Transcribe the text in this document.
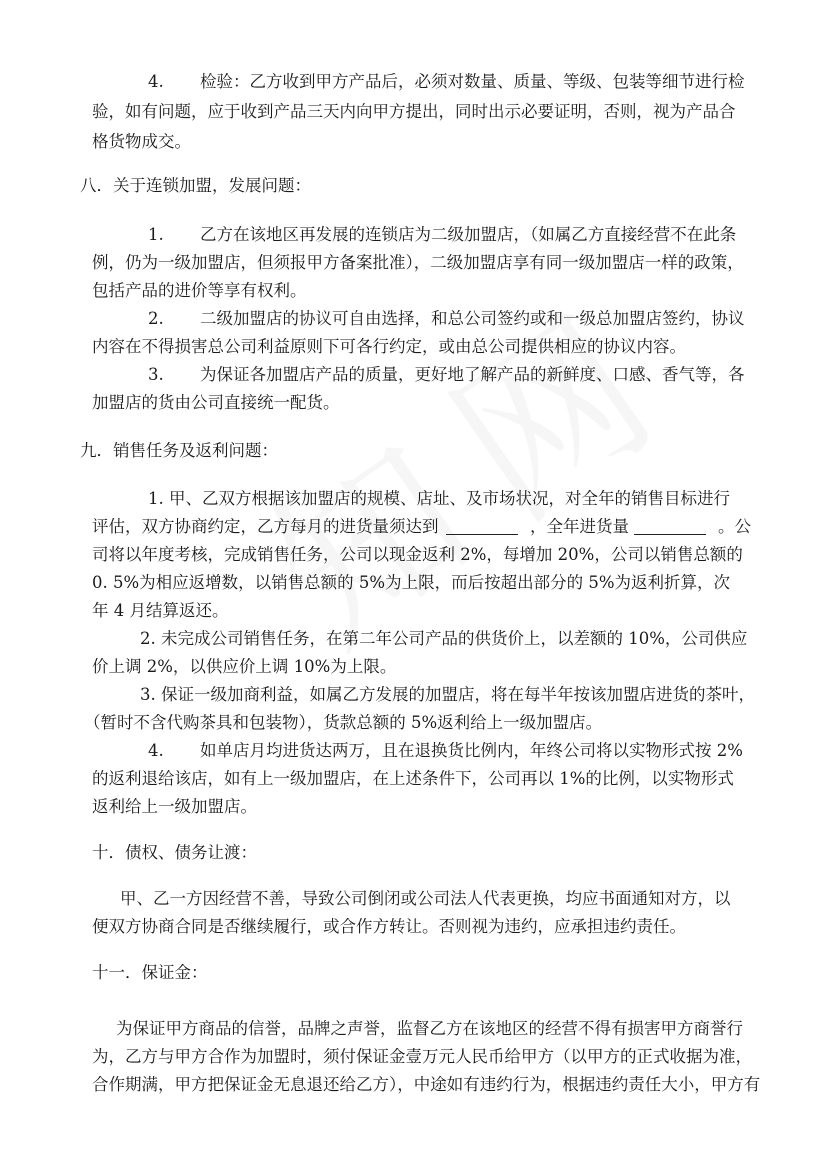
4. 检验：乙方收到甲方产品后，必须对数量、质量、等级、包装等细节进行检
验，如有问题，应于收到产品三天内向甲方提出，同时出示必要证明，否则，视为产品合
格货物成交。
八．关于连锁加盟，发展问题：
1. 乙方在该地区再发展的连锁店为二级加盟店，（如属乙方直接经营不在此条
例，仍为一级加盟店，但须报甲方备案批准），二级加盟店享有同一级加盟店一样的政策，
包括产品的进价等享有权利。
2. 二级加盟店的协议可自由选择，和总公司签约或和一级总加盟店签约，协议
内容在不得损害总公司利益原则下可各行约定，或由总公司提供相应的协议内容。
3. 为保证各加盟店产品的质量，更好地了解产品的新鲜度、口感、香气等，各
加盟店的货由公司直接统一配货。
九．销售任务及返利问题：
1. 甲、乙双方根据该加盟店的规模、店址、及市场状况，对全年的销售目标进行
评估，双方协商约定，乙方每月的进货量须达到	，全年进货量	。公
司将以年度考核，完成销售任务，公司以现金返利 2%，每增加 20%，公司以销售总额的
0. 5%为相应返增数，以销售总额的 5%为上限，而后按超出部分的 5%为返利折算，次
年 4 月结算返还。
2. 未完成公司销售任务，在第二年公司产品的供货价上，以差额的 10%，公司供应
价上调 2%，以供应价上调 10%为上限。
3. 保证一级加商利益，如属乙方发展的加盟店，将在每半年按该加盟店进货的茶叶，
（暂时不含代购茶具和包装物），货款总额的 5%返利给上一级加盟店。
4. 如单店月均进货达两万，且在退换货比例内，年终公司将以实物形式按 2%
的返利退给该店，如有上一级加盟店，在上述条件下，公司再以 1%的比例，以实物形式
返利给上一级加盟店。
十．债权、债务让渡：
甲、乙一方因经营不善，导致公司倒闭或公司法人代表更换，均应书面通知对方，以
便双方协商合同是否继续履行，或合作方转让。否则视为违约，应承担违约责任。
十一．保证金：
为保证甲方商品的信誉，品牌之声誉，监督乙方在该地区的经营不得有损害甲方商誉行
为，乙方与甲方合作为加盟时，须付保证金壹万元人民币给甲方（以甲方的正式收据为准，
合作期满，甲方把保证金无息退还给乙方），中途如有违约行为，根据违约责任大小，甲方有
